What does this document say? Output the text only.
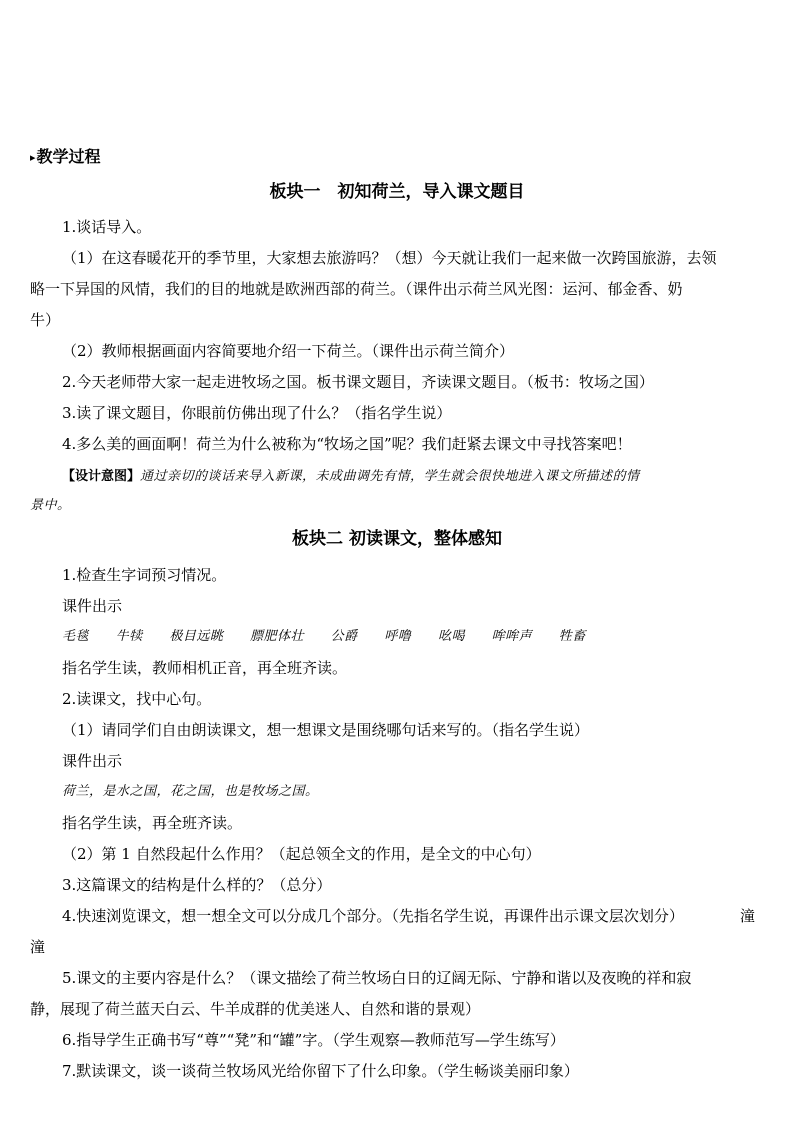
▸教学过程
板块一　初知荷兰，导入课文题目
1.谈话导入。
（1）在这春暖花开的季节里，大家想去旅游吗？（想）今天就让我们一起来做一次跨国旅游，去领
略一下异国的风情，我们的目的地就是欧洲西部的荷兰。（课件出示荷兰风光图：运河、郁金香、奶
牛）
（2）教师根据画面内容简要地介绍一下荷兰。（课件出示荷兰简介）
2.今天老师带大家一起走进牧场之国。板书课文题目，齐读课文题目。（板书：牧场之国）
3.读了课文题目，你眼前仿佛出现了什么？（指名学生说）
4.多么美的画面啊！荷兰为什么被称为“牧场之国”呢？我们赶紧去课文中寻找答案吧！
【设计意图】通过亲切的谈话来导入新课，未成曲调先有情，学生就会很快地进入课文所描述的情
景中。
板块二 初读课文，整体感知
1.检查生字词预习情况。
课件出示
毛毯 牛犊 极目远眺 膘肥体壮 公爵 呼噜 吆喝 哞哞声 牲畜
指名学生读，教师相机正音，再全班齐读。
2.读课文，找中心句。
（1）请同学们自由朗读课文，想一想课文是围绕哪句话来写的。（指名学生说）
课件出示
荷兰，是水之国，花之国，也是牧场之国。
指名学生读，再全班齐读。
（2）第 1 自然段起什么作用？（起总领全文的作用，是全文的中心句）
3.这篇课文的结构是什么样的？（总分）
4.快速浏览课文，想一想全文可以分成几个部分。（先指名学生说，再课件出示课文层次划分）	潼
潼
5.课文的主要内容是什么？（课文描绘了荷兰牧场白日的辽阔无际、宁静和谐以及夜晚的祥和寂
静，展现了荷兰蓝天白云、牛羊成群的优美迷人、自然和谐的景观）
6.指导学生正确书写“尊”“凳”和“罐”字。（学生观察—教师范写—学生练写）
7.默读课文，谈一谈荷兰牧场风光给你留下了什么印象。（学生畅谈美丽印象）
